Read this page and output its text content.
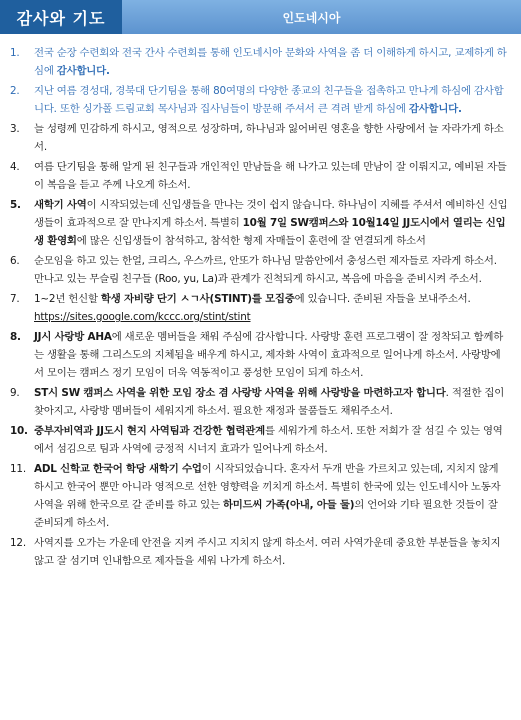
감사와 기도	인도네시아
1.	전국 순장 수련회와 전국 간사 수련회를 통해 인도네시아 문화와 사역을 좀 더 이해하게 하시고, 교제하게 하심에 감사합니다.
2.	지난 여름 경성대, 경북대 단기팀을 통해 80여명의 다양한 종교의 친구들을 접촉하고 만나게 하심에 감사합니다. 또한 싱가폴 드림교회 목사님과 집사님들이 방문해 주셔서 큰 격려 받게 하심에 감사합니다.
3.	늘 성령께 민감하게 하시고, 영적으로 성장하며, 하나님과 잃어버린 영혼을 향한 사랑에서 늘 자라가게 하소서.
4.	여름 단기팀을 통해 알게 된 친구들과 개인적인 만남들을 해 나가고 있는데 만남이 잘 이뤄지고, 예비된 자들이 복음을 듣고 주께 나오게 하소서.
5.	새학기 사역이 시작되었는데 신입생들을 만나는 것이 쉽지 않습니다. 하나님이 지혜를 주셔서 예비하신 신입생들이 효과적으로 잘 만나지게 하소서. 특별히 10월 7일 SW캠퍼스와 10월14일 JJ도시에서 열리는 신입생 환영회에 많은 신입생들이 참석하고, 참석한 형제 자매들이 훈련에 잘 연결되게 하소서
6.	순모임을 하고 있는 한얼, 크리스, 우스까르, 안또가 하나님 말씀안에서 충성스런 제자들로 자라게 하소서. 만나고 있는 무슬림 친구들 (Roo, yu, La)과 관계가 진척되게 하시고, 복음에 마음을 준비시켜 주소서.
7.	1~2년 헌신할 학생 자비량 단기 ㅅㄱ사(STINT)를 모집중에 있습니다. 준비된 자들을 보내주소서. https://sites.google.com/kccc.org/stint/stint
8.	JJ시 사랑방 AHA에 새로운 멤버들을 채워 주심에 감사합니다. 사랑방 훈련 프로그램이 잘 정착되고 함께하는 생활을 통해 그리스도의 지체됨을 배우게 하시고, 제자화 사역이 효과적으로 일어나게 하소서. 사랑방에서 모이는 캠퍼스 정기 모임이 더욱 역동적이고 풍성한 모임이 되게 하소서.
9.	ST시 SW 캠퍼스 사역을 위한 모임 장소 겸 사랑방 사역을 위해 사랑방을 마련하고자 합니다. 적절한 집이 찾아지고, 사랑방 멤버들이 세워지게 하소서. 필요한 재정과 물품들도 채워주소서.
10. 중부자비역과 JJ도시 현지 사역팀과 건강한 협력관계를 세워가게 하소서. 또한 저희가 잘 섬길 수 있는 영역에서 섬김으로 팀과 사역에 긍정적 시너지 효과가 일어나게 하소서.
11. ADL 신학교 한국어 학당 새학기 수업이 시작되었습니다. 혼자서 두개 반을 가르치고 있는데, 지치지 않게 하시고 한국어 뿐만 아니라 영적으로 선한 영향력을 끼치게 하소서. 특별히 한국에 있는 인도네시아 노동자 사역을 위해 한국으로 갈 준비를 하고 있는 하미드씨 가족(아내, 아들 둘)의 언어와 기타 필요한 것들이 잘 준비되게 하소서.
12. 사역지를 오가는 가운데 안전을 지켜 주시고 지치지 않게 하소서. 여러 사역가운데 중요한 부분들을 놓치지 않고 잘 섬기며 인내함으로 제자들을 세워 나가게 하소서.
